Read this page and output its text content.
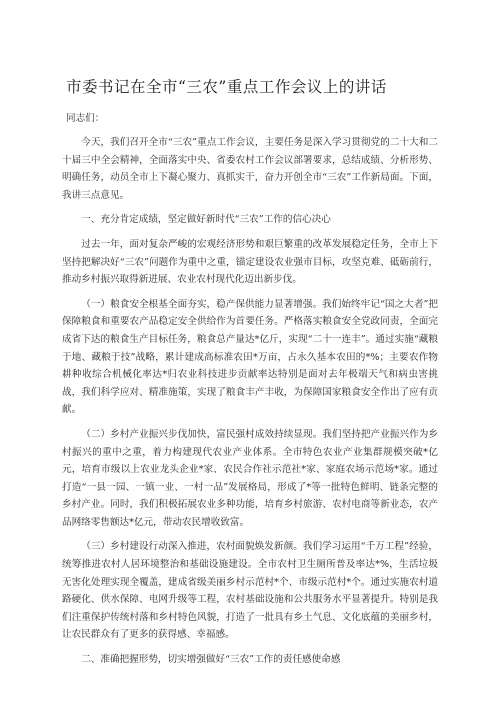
市委书记在全市“三农”重点工作会议上的讲话

同志们：

今天，我们召开全市“三农”重点工作会议，主要任务是深入学习贯彻党的二十大和二十届三中全会精神，全面落实中央、省委农村工作会议部署要求，总结成绩、分析形势、明确任务，动员全市上下凝心聚力、真抓实干，奋力开创全市“三农”工作新局面。下面，我讲三点意见。

一、充分肯定成绩，坚定做好新时代“三农”工作的信心决心

过去一年，面对复杂严峻的宏观经济形势和艰巨繁重的改革发展稳定任务，全市上下坚持把解决好“三农”问题作为重中之重，锚定建设农业强市目标，攻坚克难、砥砺前行，推动乡村振兴取得新进展、农业农村现代化迈出新步伐。

（一）粮食安全根基全面夯实，稳产保供能力显著增强。我们始终牢记“国之大者”把保障粮食和重要农产品稳定安全供给作为首要任务。严格落实粮食安全党政同责，全面完成省下达的粮食生产目标任务，粮食总产量达*亿斤，实现“二十一连丰”。通过实施“藏粮于地、藏粮于技”战略，累计建成高标准农田*万亩，占永久基本农田的*%；主要农作物耕种收综合机械化率达*归农业科技进步贡献率达特别是面对去年极端天气和病虫害挑战，我们科学应对、精准施策，实现了粮食丰产丰收，为保障国家粮食安全作出了应有贡献。

（二）乡村产业振兴步伐加快，富民强村成效持续显现。我们坚持把产业振兴作为乡村振兴的重中之重，着力构建现代农业产业体系。全市特色农业产业集群规模突破*亿元，培育市级以上农业龙头企业*家、农民合作社示范社*家、家庭农场示范场*家。通过打造“一县一园、一镇一业、一村一品”发展格局，形成了*等一批特色鲜明、链条完整的乡村产业。同时，我们积极拓展农业多种功能，培育乡村旅游、农村电商等新业态，农产品网络零售额达*亿元，带动农民增收致富。

（三）乡村建设行动深入推进，农村面貌焕发新颜。我们学习运用“千万工程”经验，统筹推进农村人居环境整治和基础设施建设。全市农村卫生厕所普及率达*%，生活垃圾无害化处理实现全覆盖，建成省级美丽乡村示范村*个、市级示范村*个。通过实施农村道路硬化、供水保障、电网升级等工程，农村基础设施和公共服务水平显著提升。特别是我们注重保护传统村落和乡村特色风貌，打造了一批具有乡土气息、文化底蕴的美丽乡村，让农民群众有了更多的获得感、幸福感。

二、准确把握形势，切实增强做好“三农”工作的责任感使命感
